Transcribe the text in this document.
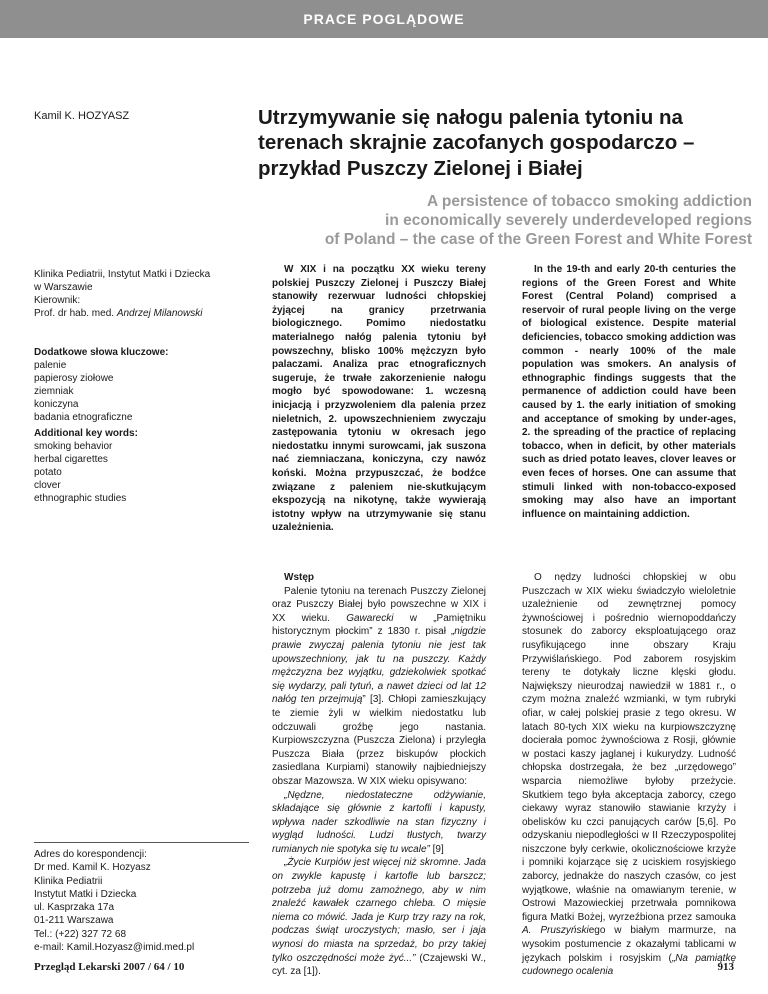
PRACE POGLĄDOWE
Kamil K. HOZYASZ	Utrzymywanie się nałogu palenia tytoniu na terenach skrajnie zacofanych gospodarczo – przykład Puszczy Zielonej i Białej
A persistence of tobacco smoking addiction
in economically severely underdeveloped regions
of Poland – the case of the Green Forest and White Forest
Klinika Pediatrii, Instytut Matki i Dziecka
w Warszawie
Kierownik:
Prof. dr hab. med. Andrzej Milanowski
Dodatkowe słowa kluczowe:
palenie
papierosy ziołowe
ziemniak
koniczyna
badania etnograficzne
Additional key words:
smoking behavior
herbal cigarettes
potato
clover
ethnographic studies

W XIX i na początku XX wieku tereny polskiej Puszczy Zielonej i Puszczy Białej stanowiły rezerwuar ludności chłopskiej żyjącej na granicy przetrwania biologicznego. Pomimo niedostatku materialnego nałóg palenia tytoniu był powszechny, blisko 100% mężczyzn było palaczami. Analiza prac etnograficznych sugeruje, że trwałe zakorzenienie nałogu mogło być spowodowane: 1. wczesną inicjacją i przyzwoleniem dla palenia przez nieletnich, 2. upowszechnieniem zwyczaju zastępowania tytoniu w okresach jego niedostatku innymi surowcami, jak suszona nać ziemniaczana, koniczyna, czy nawóz koński. Można przypuszczać, że bodźce związane z paleniem nie-skutkującym ekspozycją na nikotynę, także wywierają istotny wpływ na utrzymywanie się stanu uzależnienia.

In the 19-th and early 20-th centuries the regions of the Green Forest and White Forest (Central Poland) comprised a reservoir of rural people living on the verge of biological existence. Despite material deficiencies, tobacco smoking addiction was common - nearly 100% of the male population was smokers. An analysis of ethnographic findings suggests that the permanence of addiction could have been caused by 1. the early initiation of smoking and acceptance of smoking by under-ages, 2. the spreading of the practice of replacing tobacco, when in deficit, by other materials such as dried potato leaves, clover leaves or even feces of horses. One can assume that stimuli linked with non-tobacco-exposed smoking may also have an important influence on maintaining addiction.

Wstęp

Palenie tytoniu na terenach Puszczy Zielonej oraz Puszczy Białej było powszechne w XIX i XX wieku. Gawarecki w „Pamiętniku historycznym płockim” z 1830 r. pisał „nigdzie prawie zwyczaj palenia tytoniu nie jest tak upowszechniony, jak tu na puszczy. Każdy mężczyzna bez wyjątku, gdziekolwiek spotkać się wydarzy, pali tytuń, a nawet dzieci od lat 12 nałóg ten przejmują” [3]. Chłopi zamieszkujący te ziemie żyli w wielkim niedostatku lub odczuwali groźbę jego nastania. Kurpiowszczyzna (Puszcza Zielona) i przyległa Puszcza Biała (przez biskupów płockich zasiedlana Kurpiami) stanowiły najbiedniejszy obszar Mazowsza. W XIX wieku opisywano:

„Nędzne, niedostateczne odżywianie, składające się głównie z kartofli i kapusty, wpływa nader szkodliwie na stan fizyczny i wygląd ludności. Ludzi tłustych, twarzy rumianych nie spotyka się tu wcale” [9]

„Życie Kurpiów jest więcej niż skromne. Jada on zwykle kapustę i kartofle lub barszcz; potrzeba już domu zamożnego, aby w nim znaleźć kawałek czarnego chleba. O mięsie niema co mówić. Jada je Kurp trzy razy na rok, podczas świąt uroczystych; masło, ser i jaja wynosi do miasta na sprzedaż, bo przy takiej tylko oszczędności może żyć...” (Czajewski W., cyt. za [1]).

O nędzy ludności chłopskiej w obu Puszczach w XIX wieku świadczyło wieloletnie uzależnienie od zewnętrznej pomocy żywnościowej i pośrednio wiernopoddańczy stosunek do zaborcy eksploatującego oraz rusyfikującego inne obszary Kraju Przywiślańskiego. Pod zaborem rosyjskim tereny te dotykały liczne klęski głodu. Największy nieurodzaj nawiedził w 1881 r., o czym można znaleźć wzmianki, w tym rubryki ofiar, w całej polskiej prasie z tego okresu. W latach 80-tych XIX wieku na kurpiowszczyznę docierała pomoc żywnościowa z Rosji, głównie w postaci kaszy jaglanej i kukurydzy. Ludność chłopska dostrzegała, że bez „urzędowego” wsparcia niemożliwe byłoby przeżycie. Skutkiem tego była akceptacja zaborcy, czego ciekawy wyraz stanowiło stawianie krzyży i obelisków ku czci panujących carów [5,6]. Po odzyskaniu niepodległości w II Rzeczypospolitej niszczone były cerkwie, okolicznościowe krzyże i pomniki kojarzące się z uciskiem rosyjskiego zaborcy, jednakże do naszych czasów, co jest wyjątkowe, właśnie na omawianym terenie, w Ostrowi Mazowieckiej przetrwała pomnikowa figura Matki Bożej, wyrzeźbiona przez samouka A. Pruszyńskiego w białym marmurze, na wysokim postumencie z okazałymi tablicami w językach polskim i rosyjskim („Na pamiątkę cudownego ocalenia

Adres do korespondencji:
Dr med. Kamil K. Hozyasz
Klinika Pediatrii
Instytut Matki i Dziecka
ul. Kasprzaka 17a
01-211 Warszawa
Tel.: (+22) 327 72 68
e-mail: Kamil.Hozyasz@imid.med.pl
Przegląd Lekarski 2007 / 64 / 10	913
